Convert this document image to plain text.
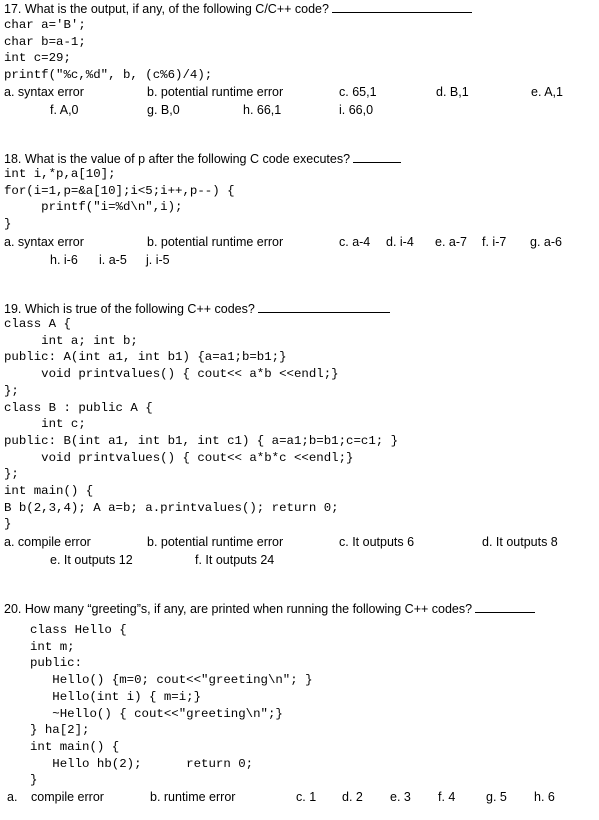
17. What is the output, if any, of the following C/C++ code?
char a='B';
char b=a-1;
int c=29;
printf("%c,%d", b, (c%6)/4);
a. syntax error	b. potential runtime error	c. 65,1	d. B,1	e. A,1
f. A,0	g. B,0	h. 66,1	i. 66,0
18. What is the value of p after the following C code executes?
int i,*p,a[10];
for(i=1,p=&a[10];i<5;i++,p--) {
printf("i=%d\n",i);
}
a. syntax error	b. potential runtime error	c. a-4 d. i-4 e. a-7 f. i-7 g. a-6
h. i-6 i. a-5 j. i-5
19. Which is true of the following C++ codes?
class A {
int a; int b;
public: A(int a1, int b1) {a=a1;b=b1;}
void printvalues() { cout<< a*b <<endl;}
};
class B : public A {
int c;
public: B(int a1, int b1, int c1) { a=a1;b=b1;c=c1; }
void printvalues() { cout<< a*b*c <<endl;}
};
int main() {
B b(2,3,4); A a=b; a.printvalues(); return 0;
}
a. compile error	b. potential runtime error	c. It outputs 6	d. It outputs 8
e. It outputs 12	f. It outputs 24
20. How many “greeting”s, if any, are printed when running the following C++ codes?
class Hello {
int m;
public:
Hello() {m=0; cout<<"greeting\n"; }
Hello(int i) { m=i;}
~Hello() { cout<<"greeting\n";}
} ha[2];
int main() {
Hello hb(2);      return 0;
}
a. compile error	b. runtime error	c. 1 d. 2 e. 3 f. 4 g. 5 h. 6
